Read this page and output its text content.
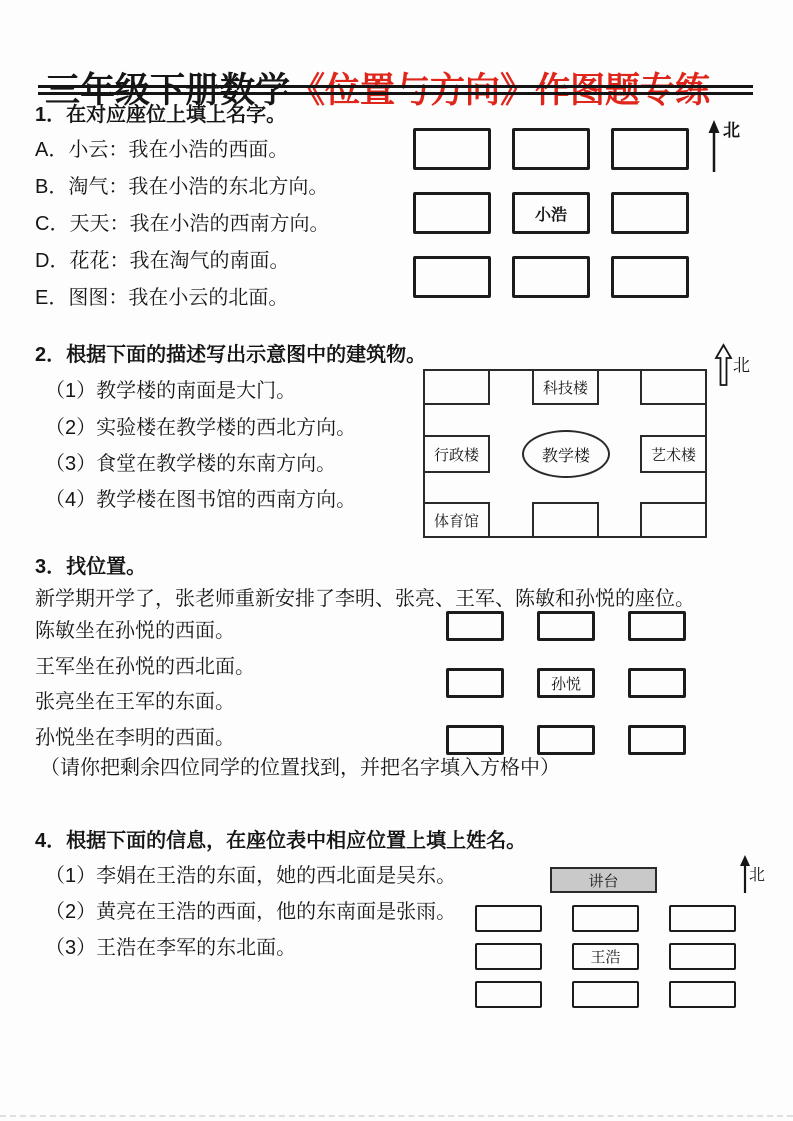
三年级下册数学《位置与方向》作图题专练
1．在对应座位上填上名字。
A．小云：我在小浩的西面。
B．淘气：我在小浩的东北方向。
C．天天：我在小浩的西南方向。
D．花花：我在淘气的南面。
E．图图：我在小云的北面。
小浩
北
2．根据下面的描述写出示意图中的建筑物。
（1）教学楼的南面是大门。
（2）实验楼在教学楼的西北方向。
（3）食堂在教学楼的东南方向。
（4）教学楼在图书馆的西南方向。
科技楼
行政楼	教学楼	艺术楼
体育馆
北
3．找位置。
新学期开学了，张老师重新安排了李明、张亮、王军、陈敏和孙悦的座位。
陈敏坐在孙悦的西面。
王军坐在孙悦的西北面。
张亮坐在王军的东面。
孙悦坐在李明的西面。
（请你把剩余四位同学的位置找到，并把名字填入方格中）
孙悦
4．根据下面的信息，在座位表中相应位置上填上姓名。
（1）李娟在王浩的东面，她的西北面是吴东。
（2）黄亮在王浩的西面，他的东南面是张雨。
（3）王浩在李军的东北面。
讲台	北
王浩
